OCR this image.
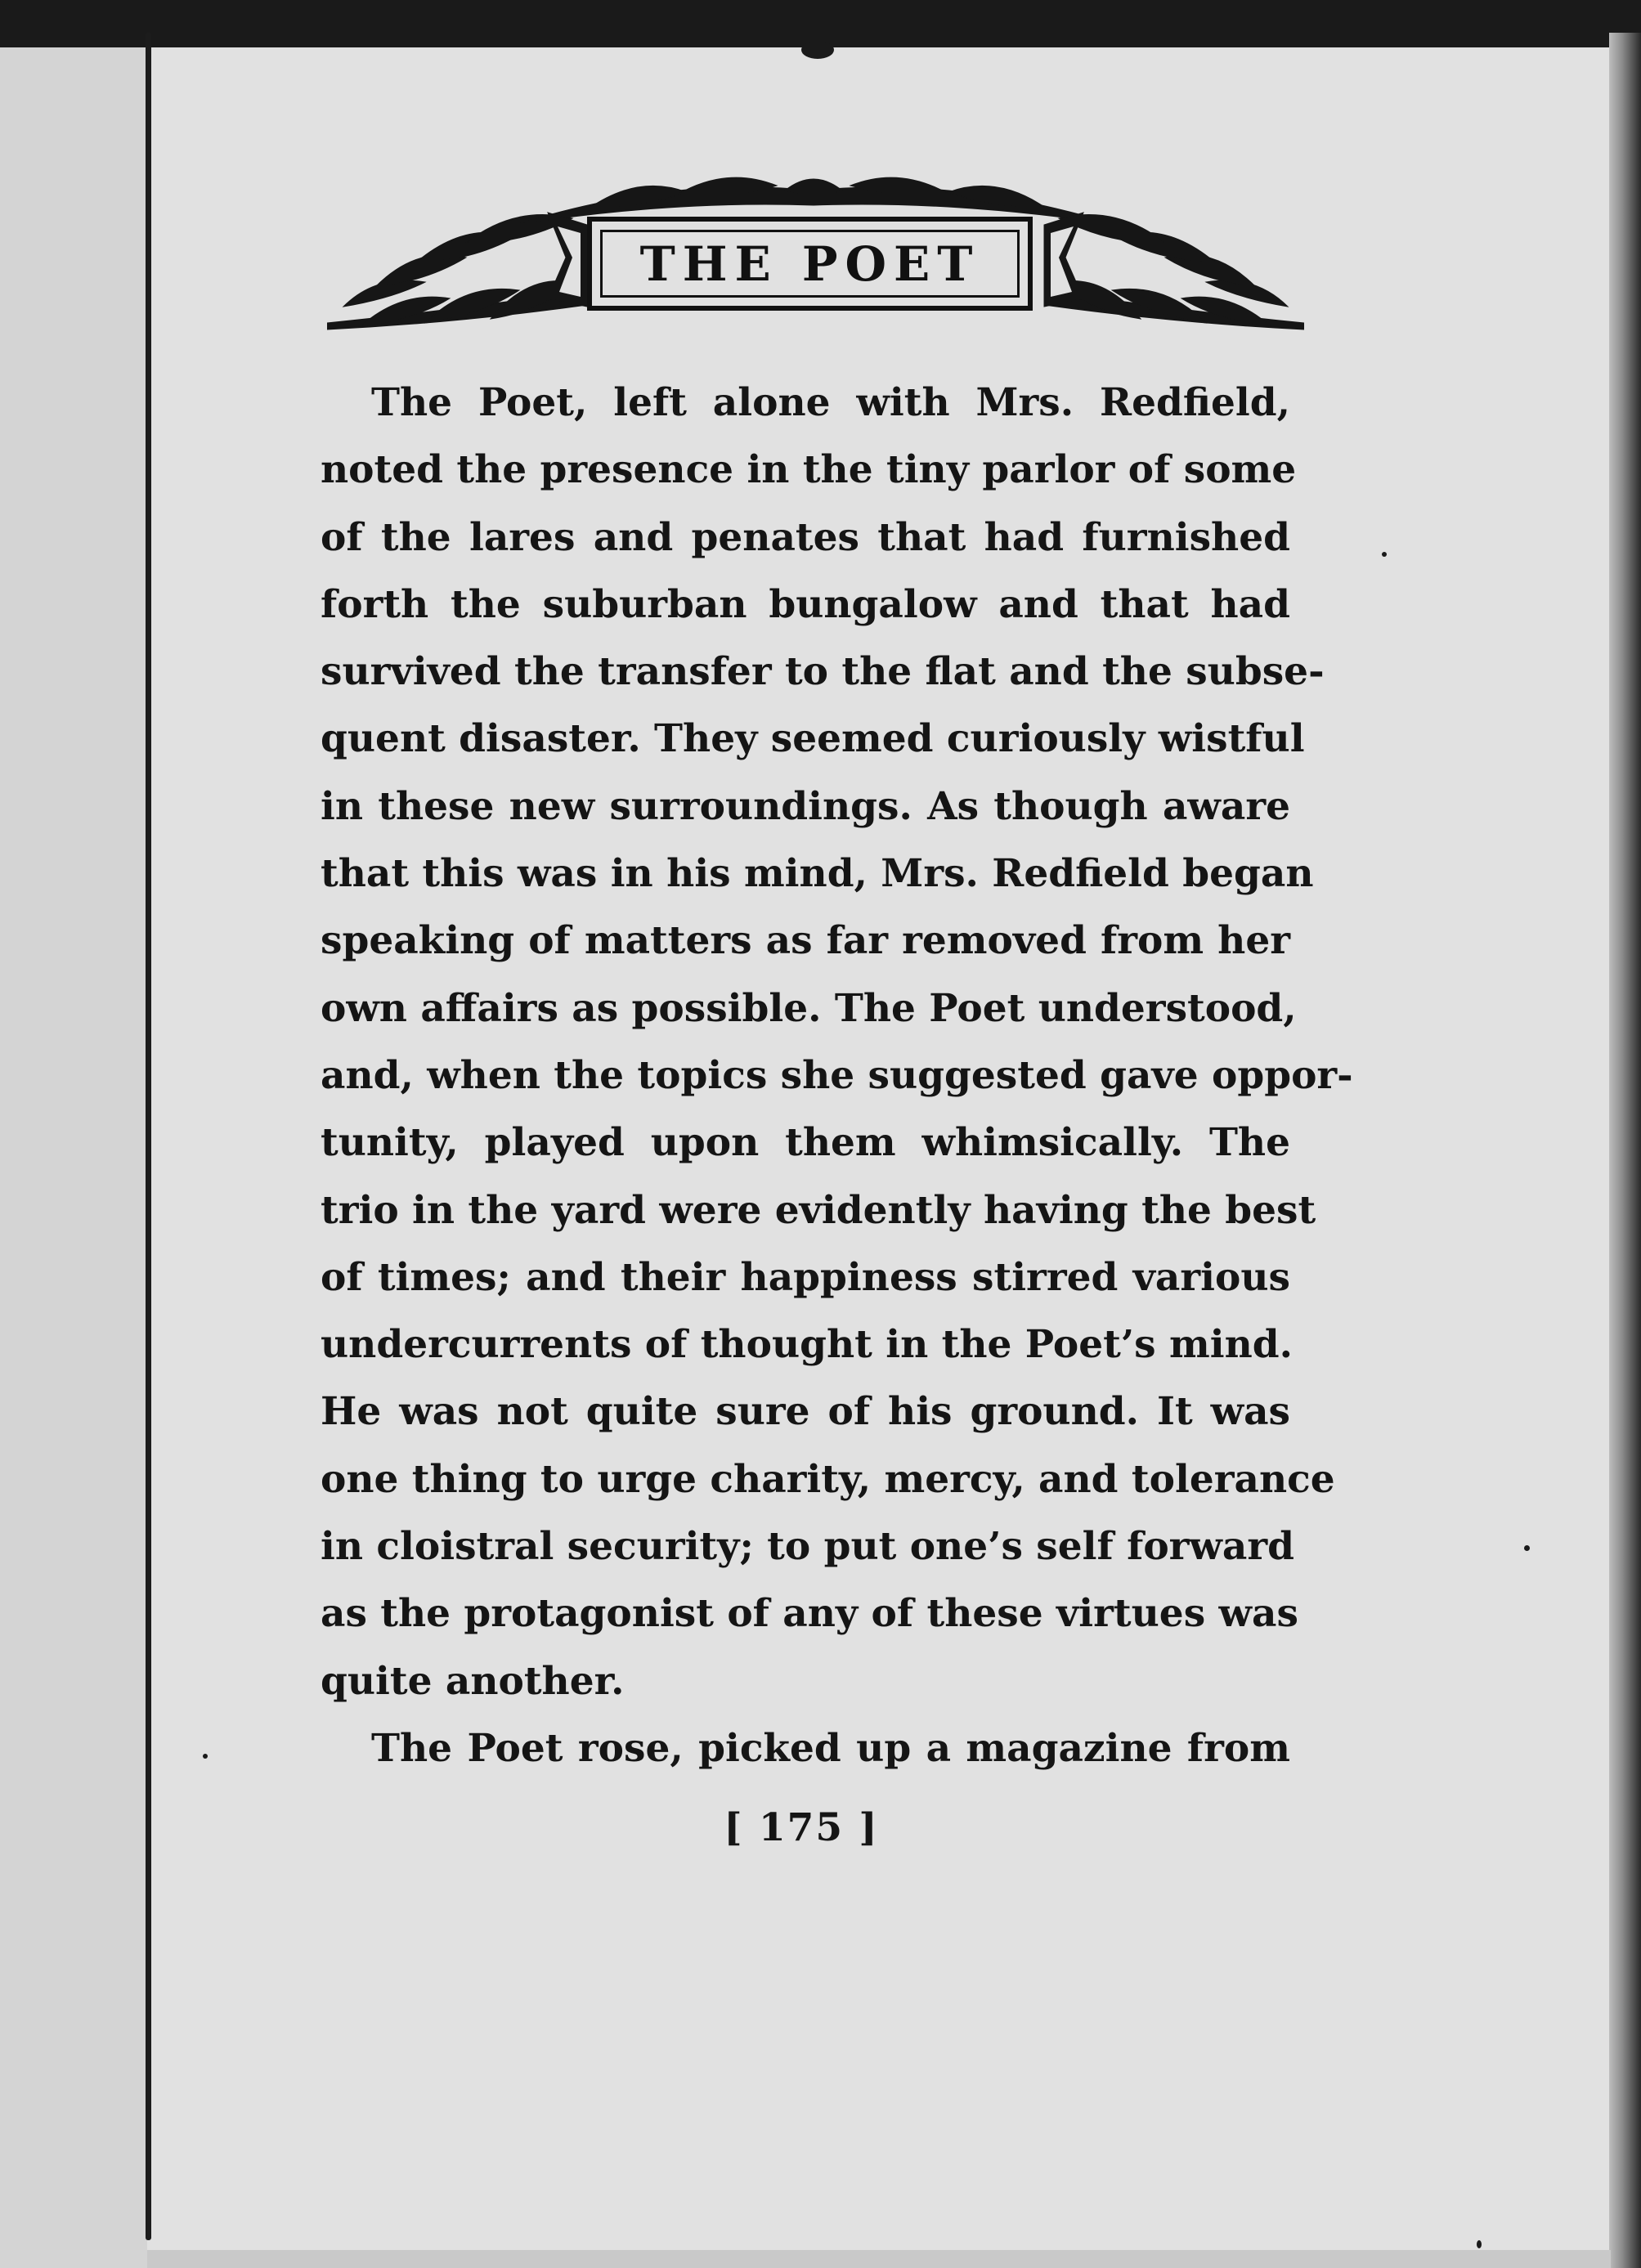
THE POET
The Poet, left alone with Mrs. Redfield,
noted the presence in the tiny parlor of some
of the lares and penates that had furnished
forth the suburban bungalow and that had
survived the transfer to the flat and the subse-
quent disaster. They seemed curiously wistful
in these new surroundings. As though aware
that this was in his mind, Mrs. Redfield began
speaking of matters as far removed from her
own affairs as possible. The Poet understood,
and, when the topics she suggested gave oppor-
tunity, played upon them whimsically. The
trio in the yard were evidently having the best
of times; and their happiness stirred various
undercurrents of thought in the Poet’s mind.
He was not quite sure of his ground. It was
one thing to urge charity, mercy, and tolerance
in cloistral security; to put one’s self forward
as the protagonist of any of these virtues was
quite another.
The Poet rose, picked up a magazine from
[ 175 ]
